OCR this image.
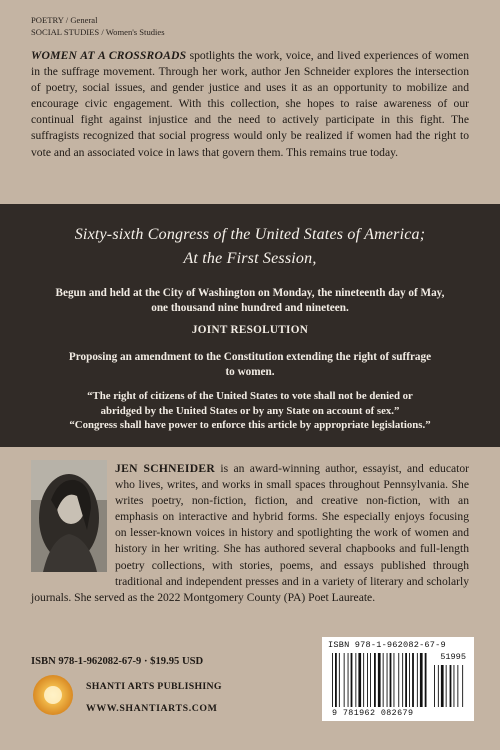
POETRY / General
SOCIAL STUDIES / Women's Studies

WOMEN AT A CROSSROADS spotlights the work, voice, and lived experiences of women in the suffrage movement. Through her work, author Jen Schneider explores the intersection of poetry, social issues, and gender justice and uses it as an opportunity to mobilize and encourage civic engagement. With this collection, she hopes to raise awareness of our continual fight against injustice and the need to actively participate in this fight. The suffragists recognized that social progress would only be realized if women had the right to vote and an associated voice in laws that govern them. This remains true today.

Sixty-sixth Congress of the United States of America;
At the First Session,
Begun and held at the City of Washington on Monday, the nineteenth day of May,
one thousand nine hundred and nineteen.
JOINT RESOLUTION
Proposing an amendment to the Constitution extending the right of suffrage
to women.
“The right of citizens of the United States to vote shall not be denied or
abridged by the United States or by any State on account of sex.”
“Congress shall have power to enforce this article by appropriate legislations.”

JEN SCHNEIDER is an award-winning author, essayist, and educator who lives, writes, and works in small spaces throughout Pennsylvania. She writes poetry, non-fiction, fiction, and creative non-fiction, with an emphasis on interactive and hybrid forms. She especially enjoys focusing on lesser-known voices in history and spotlighting the work of women and history in her writing. She has authored several chapbooks and full-length poetry collections, with stories, poems, and essays published through traditional and independent presses and in a variety of literary and scholarly journals. She served as the 2022 Montgomery County (PA) Poet Laureate.

ISBN 978-1-962082-67-9 · $19.95 USD
SHANTI ARTS PUBLISHING
WWW.SHANTIARTS.COM
ISBN 978-1-962082-67-9
51995
9 781962 082679
